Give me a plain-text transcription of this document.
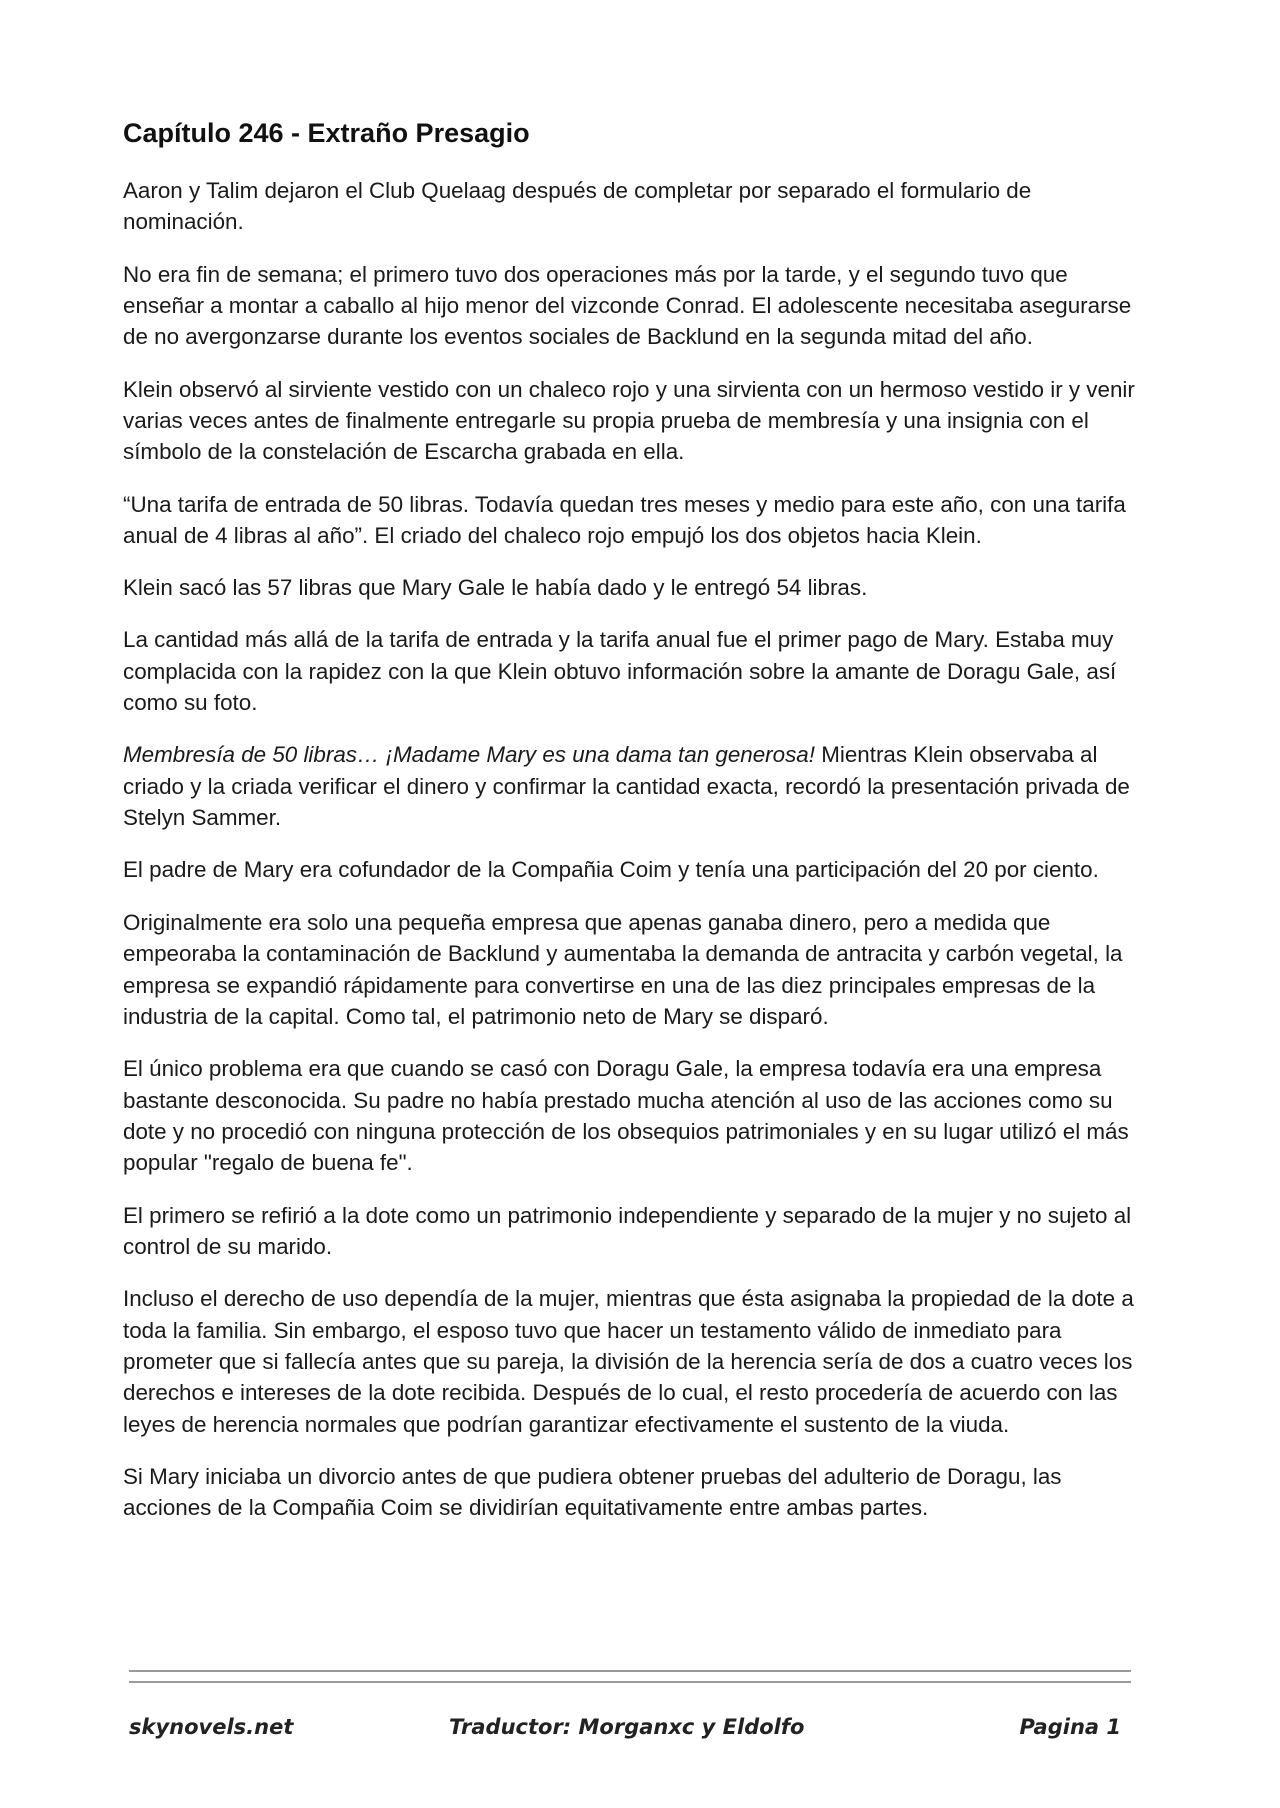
Capítulo 246 - Extraño Presagio

Aaron y Talim dejaron el Club Quelaag después de completar por separado el formulario de nominación.

No era fin de semana; el primero tuvo dos operaciones más por la tarde, y el segundo tuvo que enseñar a montar a caballo al hijo menor del vizconde Conrad. El adolescente necesitaba asegurarse de no avergonzarse durante los eventos sociales de Backlund en la segunda mitad del año.

Klein observó al sirviente vestido con un chaleco rojo y una sirvienta con un hermoso vestido ir y venir varias veces antes de finalmente entregarle su propia prueba de membresía y una insignia con el símbolo de la constelación de Escarcha grabada en ella.

“Una tarifa de entrada de 50 libras. Todavía quedan tres meses y medio para este año, con una tarifa anual de 4 libras al año”. El criado del chaleco rojo empujó los dos objetos hacia Klein.

Klein sacó las 57 libras que Mary Gale le había dado y le entregó 54 libras.

La cantidad más allá de la tarifa de entrada y la tarifa anual fue el primer pago de Mary. Estaba muy complacida con la rapidez con la que Klein obtuvo información sobre la amante de Doragu Gale, así como su foto.

Membresía de 50 libras… ¡Madame Mary es una dama tan generosa! Mientras Klein observaba al criado y la criada verificar el dinero y confirmar la cantidad exacta, recordó la presentación privada de Stelyn Sammer.

El padre de Mary era cofundador de la Compañia Coim y tenía una participación del 20 por ciento.

Originalmente era solo una pequeña empresa que apenas ganaba dinero, pero a medida que empeoraba la contaminación de Backlund y aumentaba la demanda de antracita y carbón vegetal, la empresa se expandió rápidamente para convertirse en una de las diez principales empresas de la industria de la capital. Como tal, el patrimonio neto de Mary se disparó.

El único problema era que cuando se casó con Doragu Gale, la empresa todavía era una empresa bastante desconocida. Su padre no había prestado mucha atención al uso de las acciones como su dote y no procedió con ninguna protección de los obsequios patrimoniales y en su lugar utilizó el más popular "regalo de buena fe".

El primero se refirió a la dote como un patrimonio independiente y separado de la mujer y no sujeto al control de su marido.

Incluso el derecho de uso dependía de la mujer, mientras que ésta asignaba la propiedad de la dote a toda la familia. Sin embargo, el esposo tuvo que hacer un testamento válido de inmediato para prometer que si fallecía antes que su pareja, la división de la herencia sería de dos a cuatro veces los derechos e intereses de la dote recibida. Después de lo cual, el resto procedería de acuerdo con las leyes de herencia normales que podrían garantizar efectivamente el sustento de la viuda.

Si Mary iniciaba un divorcio antes de que pudiera obtener pruebas del adulterio de Doragu, las acciones de la Compañia Coim se dividirían equitativamente entre ambas partes.

skynovels.net	Traductor: Morganxc y Eldolfo	Pagina 1
